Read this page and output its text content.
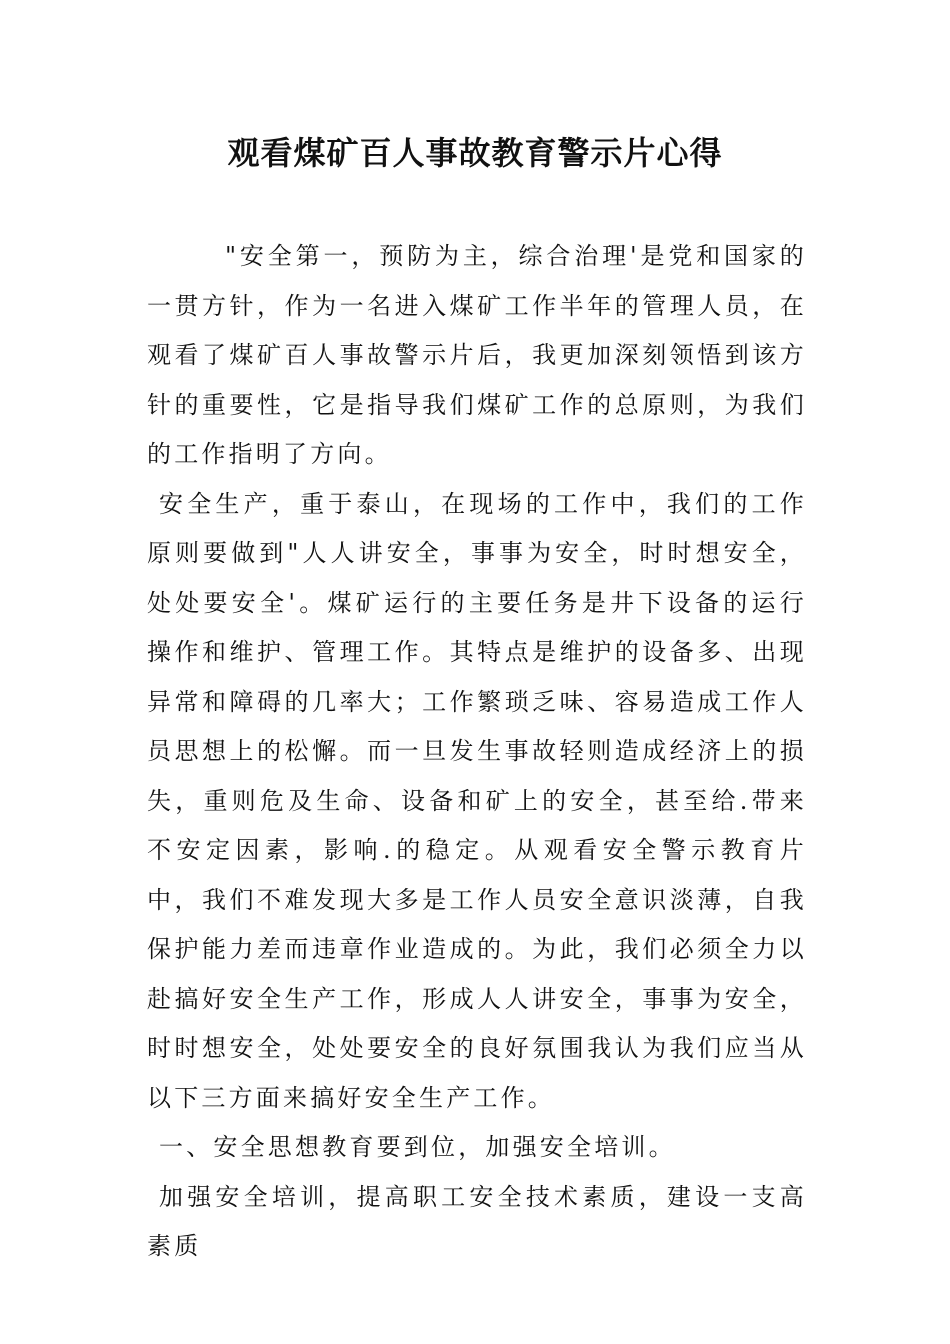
观看煤矿百人事故教育警示片心得

"安全第一，预防为主，综合治理'是党和国家的一贯方针，作为一名进入煤矿工作半年的管理人员，在观看了煤矿百人事故警示片后，我更加深刻领悟到该方针的重要性，它是指导我们煤矿工作的总原则，为我们的工作指明了方向。

安全生产，重于泰山，在现场的工作中，我们的工作原则要做到"人人讲安全，事事为安全，时时想安全，处处要安全'。煤矿运行的主要任务是井下设备的运行操作和维护、管理工作。其特点是维护的设备多、出现异常和障碍的几率大；工作繁琐乏味、容易造成工作人员思想上的松懈。而一旦发生事故轻则造成经济上的损失，重则危及生命、设备和矿上的安全，甚至给.带来不安定因素，影响.的稳定。从观看安全警示教育片中，我们不难发现大多是工作人员安全意识淡薄，自我保护能力差而违章作业造成的。为此，我们必须全力以赴搞好安全生产工作，形成人人讲安全，事事为安全，时时想安全，处处要安全的良好氛围我认为我们应当从以下三方面来搞好安全生产工作。

一、安全思想教育要到位，加强安全培训。

加强安全培训，提高职工安全技术素质，建设一支高素质
